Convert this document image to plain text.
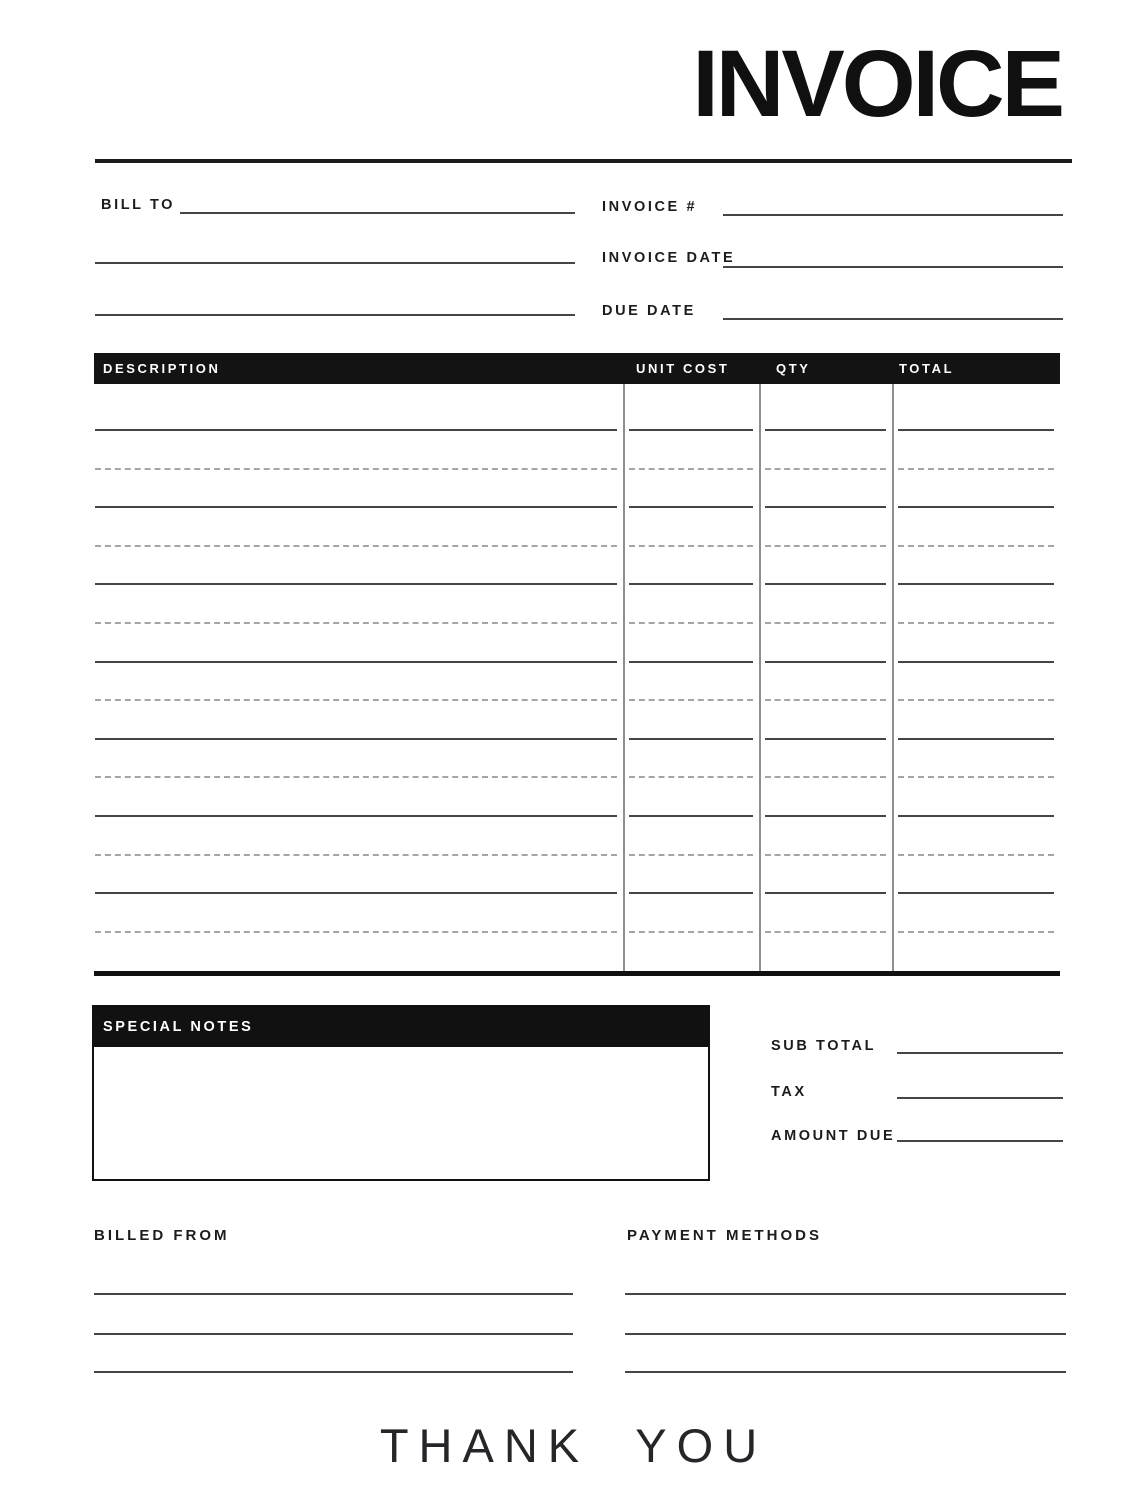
INVOICE
BILL TO	INVOICE #
INVOICE DATE
DUE DATE
DESCRIPTION	UNIT COST	QTY	TOTAL
SPECIAL NOTES
SUB TOTAL
TAX
AMOUNT DUE
BILLED FROM	PAYMENT METHODS
THANK YOU
